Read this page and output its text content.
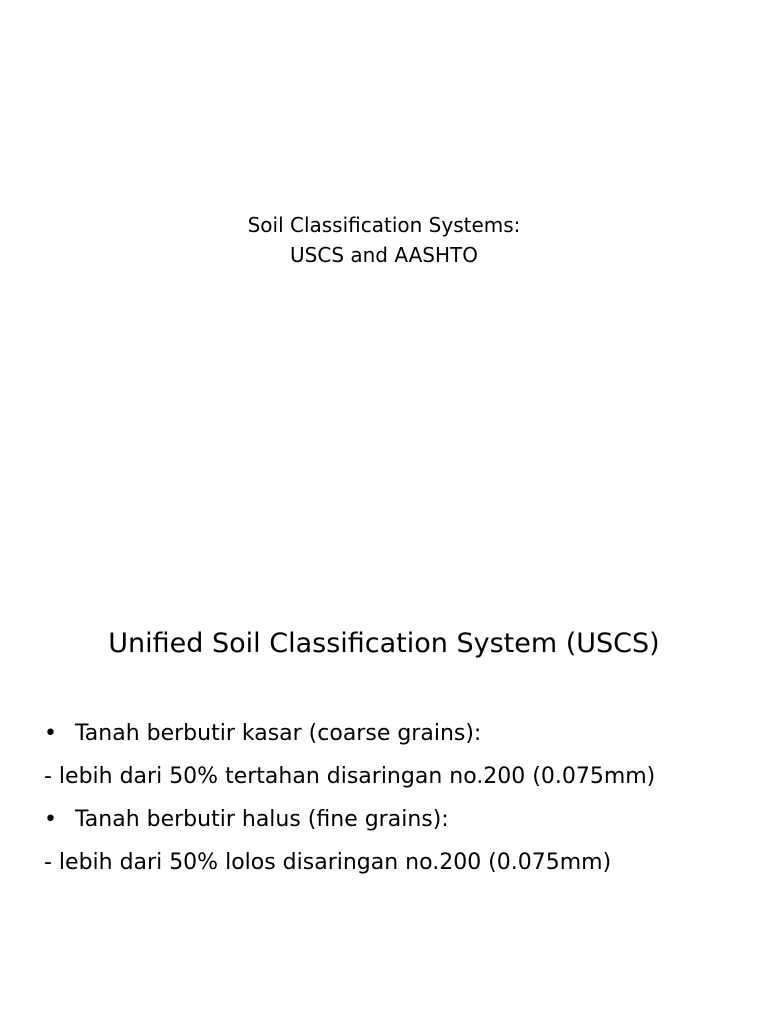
Soil Classification Systems:
USCS and AASHTO
Unified Soil Classification System (USCS)
• Tanah berbutir kasar (coarse grains):
- lebih dari 50% tertahan disaringan no.200 (0.075mm)
• Tanah berbutir halus (fine grains):
- lebih dari 50% lolos disaringan no.200 (0.075mm)
